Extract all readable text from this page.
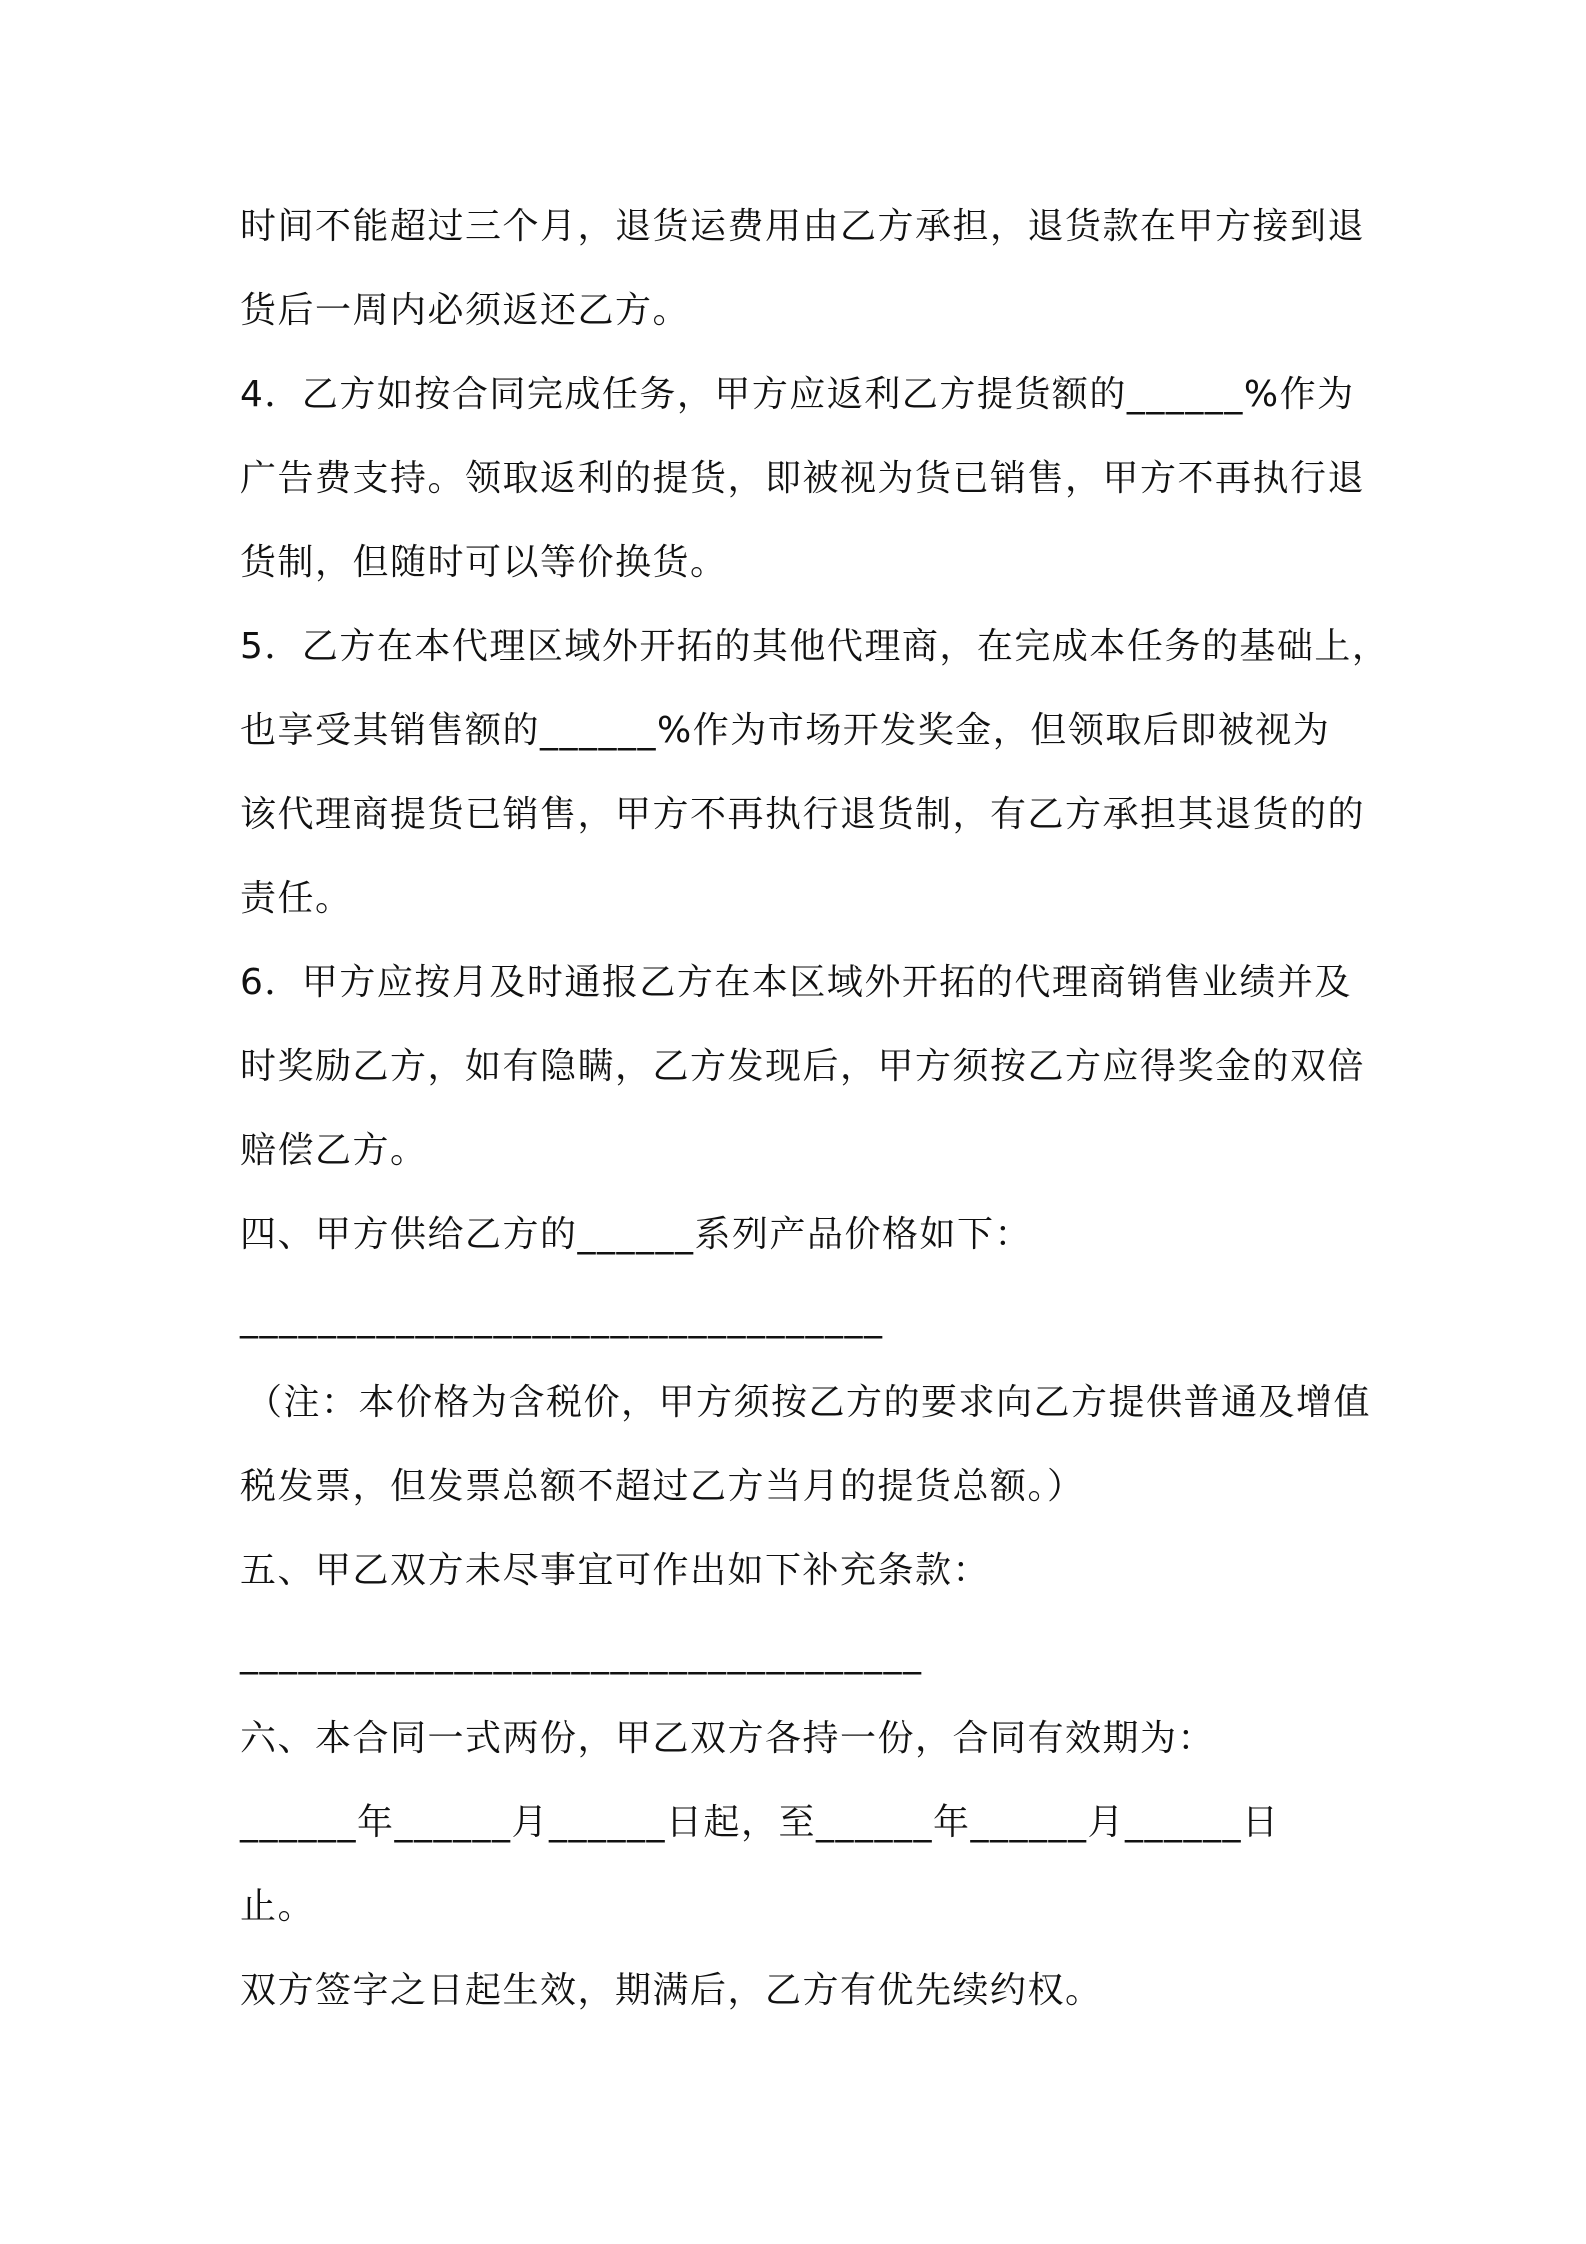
时间不能超过三个月，退货运费用由乙方承担，退货款在甲方接到退
货后一周内必须返还乙方。
4．乙方如按合同完成任务，甲方应返利乙方提货额的______%作为
广告费支持。领取返利的提货，即被视为货已销售，甲方不再执行退
货制，但随时可以等价换货。
5．乙方在本代理区域外开拓的其他代理商，在完成本任务的基础上，
也享受其销售额的______%作为市场开发奖金，但领取后即被视为
该代理商提货已销售，甲方不再执行退货制，有乙方承担其退货的的
责任。
6．甲方应按月及时通报乙方在本区域外开拓的代理商销售业绩并及
时奖励乙方，如有隐瞒，乙方发现后，甲方须按乙方应得奖金的双倍
赔偿乙方。
四、甲方供给乙方的______系列产品价格如下：
_________________________________
（注：本价格为含税价，甲方须按乙方的要求向乙方提供普通及增值
税发票，但发票总额不超过乙方当月的提货总额。）
五、甲乙双方未尽事宜可作出如下补充条款：
___________________________________
六、本合同一式两份，甲乙双方各持一份，合同有效期为：
______年______月______日起，至______年______月______日
止。
双方签字之日起生效，期满后，乙方有优先续约权。
